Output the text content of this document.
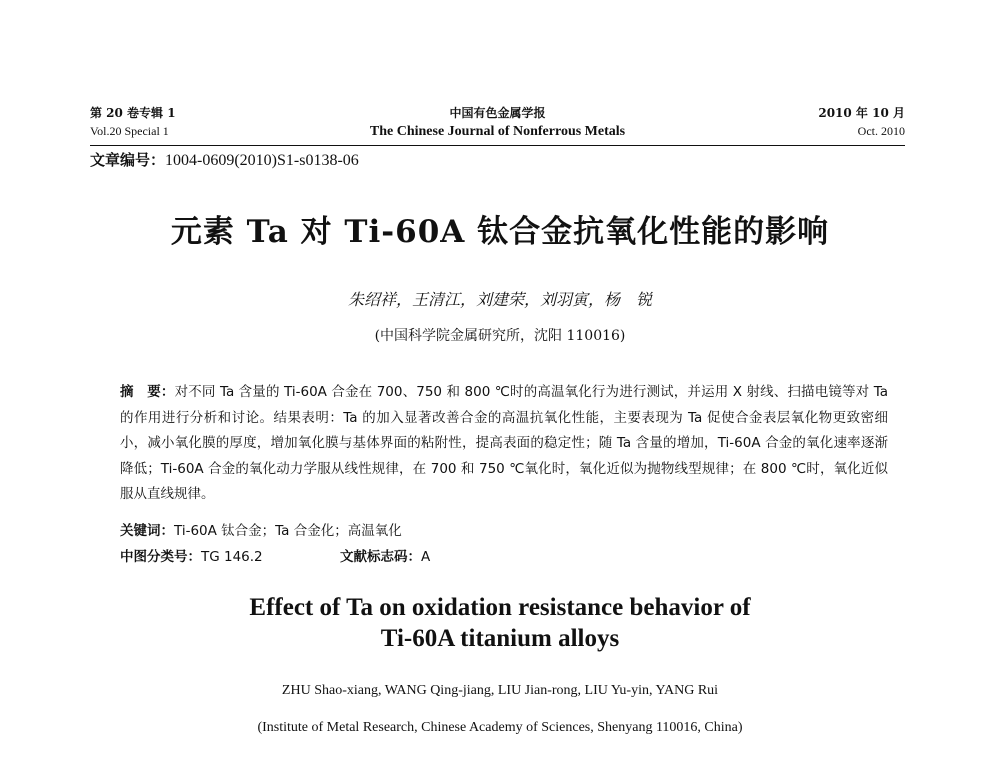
第 20 卷专辑 1	中国有色金属学报	2010 年 10 月
Vol.20 Special 1	The Chinese Journal of Nonferrous Metals	Oct. 2010
文章编号：1004-0609(2010)S1-s0138-06
元素 Ta 对 Ti-60A 钛合金抗氧化性能的影响
朱绍祥，王清江，刘建荣，刘羽寅，杨　锐
(中国科学院金属研究所，沈阳 110016)
摘　要：对不同 Ta 含量的 Ti-60A 合金在 700、750 和 800 ℃时的高温氧化行为进行测试，并运用 X 射线、扫描电镜等对 Ta 的作用进行分析和讨论。结果表明：Ta 的加入显著改善合金的高温抗氧化性能，主要表现为 Ta 促使合金表层氧化物更致密细小，减小氧化膜的厚度，增加氧化膜与基体界面的粘附性，提高表面的稳定性；随 Ta 含量的增加，Ti-60A 合金的氧化速率逐渐降低；Ti-60A 合金的氧化动力学服从线性规律，在 700 和 750 ℃氧化时，氧化近似为抛物线型规律；在 800 ℃时，氧化近似服从直线规律。
关键词：Ti-60A 钛合金；Ta 合金化；高温氧化
中图分类号：TG 146.2	文献标志码：A
Effect of Ta on oxidation resistance behavior of
Ti-60A titanium alloys
ZHU Shao-xiang, WANG Qing-jiang, LIU Jian-rong, LIU Yu-yin, YANG Rui
(Institute of Metal Research, Chinese Academy of Sciences, Shenyang 110016, China)
